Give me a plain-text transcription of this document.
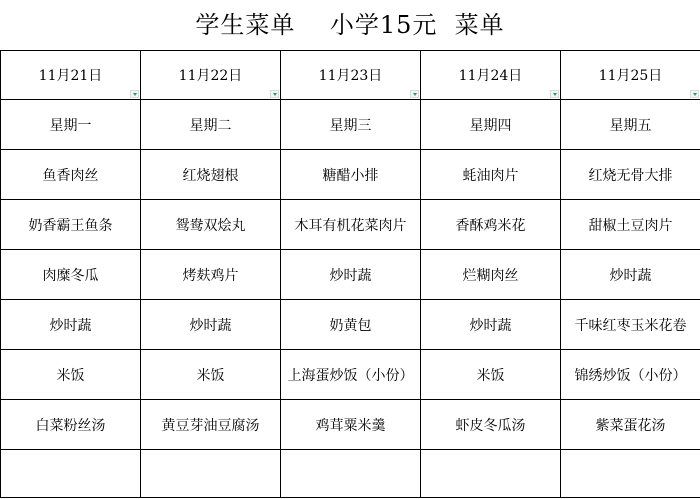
学生菜单 小学15元 菜单
11月21日	11月22日	11月23日	11月24日	11月25日

星期一	星期二	星期三	星期四	星期五
鱼香肉丝	红烧翅根	糖醋小排	蚝油肉片	红烧无骨大排
奶香霸王鱼条	鸳鸯双烩丸	木耳有机花菜肉片	香酥鸡米花	甜椒土豆肉片
肉糜冬瓜	烤麸鸡片	炒时蔬	烂糊肉丝	炒时蔬
炒时蔬	炒时蔬	奶黄包	炒时蔬	千味红枣玉米花卷
米饭	米饭	上海蛋炒饭（小份）	米饭	锦绣炒饭（小份）
白菜粉丝汤	黄豆芽油豆腐汤	鸡茸粟米羹	虾皮冬瓜汤	紫菜蛋花汤
